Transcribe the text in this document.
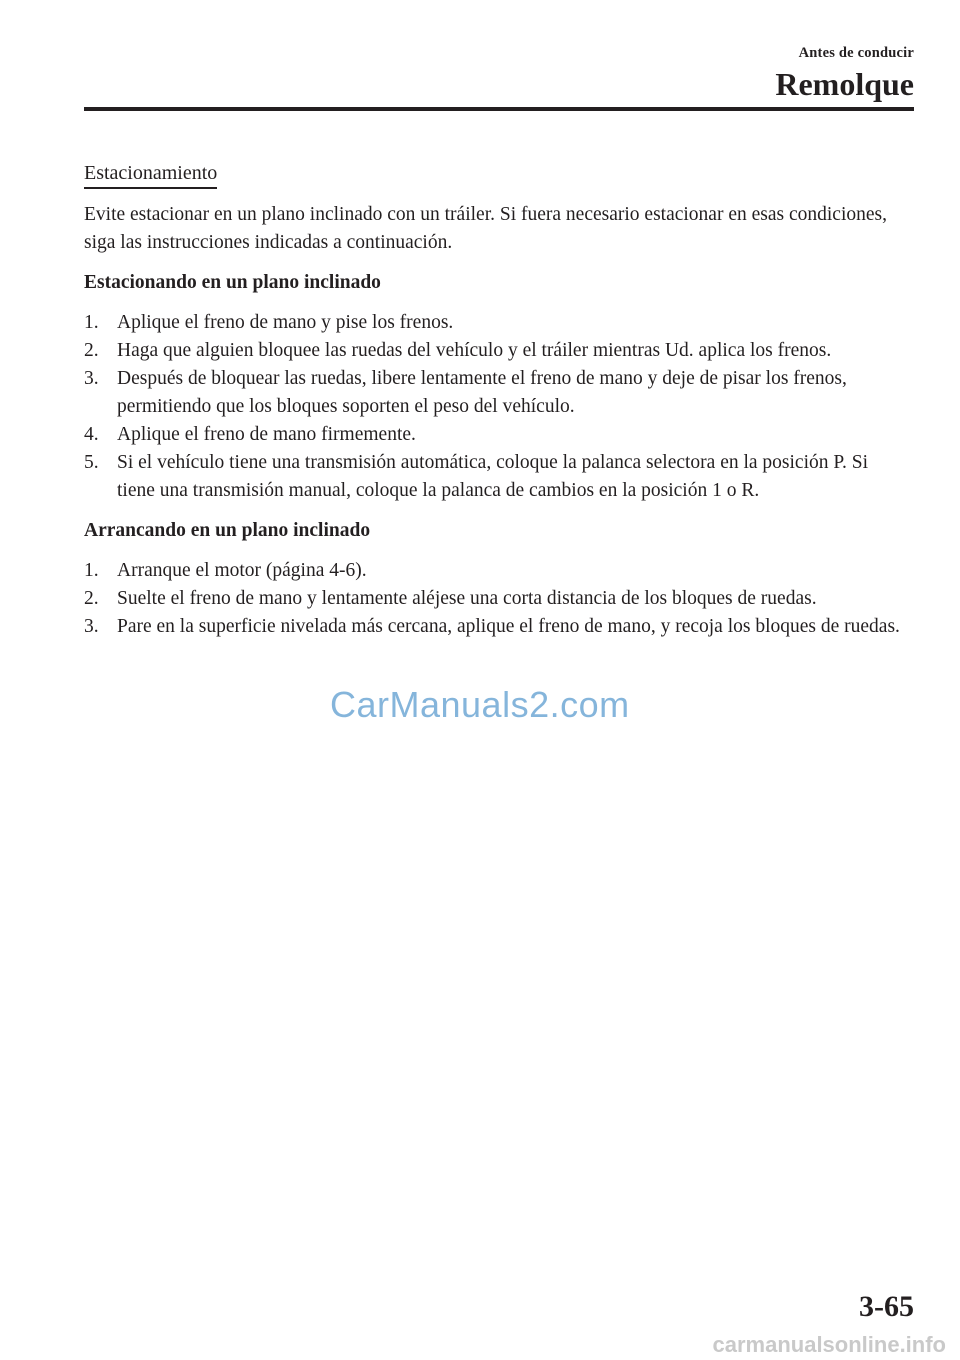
Antes de conducir
Remolque
Estacionamiento

Evite estacionar en un plano inclinado con un tráiler. Si fuera necesario estacionar en esas condiciones, siga las instrucciones indicadas a continuación.

Estacionando en un plano inclinado

1. Aplique el freno de mano y pise los frenos.
2. Haga que alguien bloquee las ruedas del vehículo y el tráiler mientras Ud. aplica los frenos.
3. Después de bloquear las ruedas, libere lentamente el freno de mano y deje de pisar los frenos, permitiendo que los bloques soporten el peso del vehículo.
4. Aplique el freno de mano firmemente.
5. Si el vehículo tiene una transmisión automática, coloque la palanca selectora en la posición P. Si tiene una transmisión manual, coloque la palanca de cambios en la posición 1 o R.

Arrancando en un plano inclinado

1. Arranque el motor (página 4-6).
2. Suelte el freno de mano y lentamente aléjese una corta distancia de los bloques de ruedas.
3. Pare en la superficie nivelada más cercana, aplique el freno de mano, y recoja los bloques de ruedas.
CarManuals2.com
3-65
carmanualsonline.info
